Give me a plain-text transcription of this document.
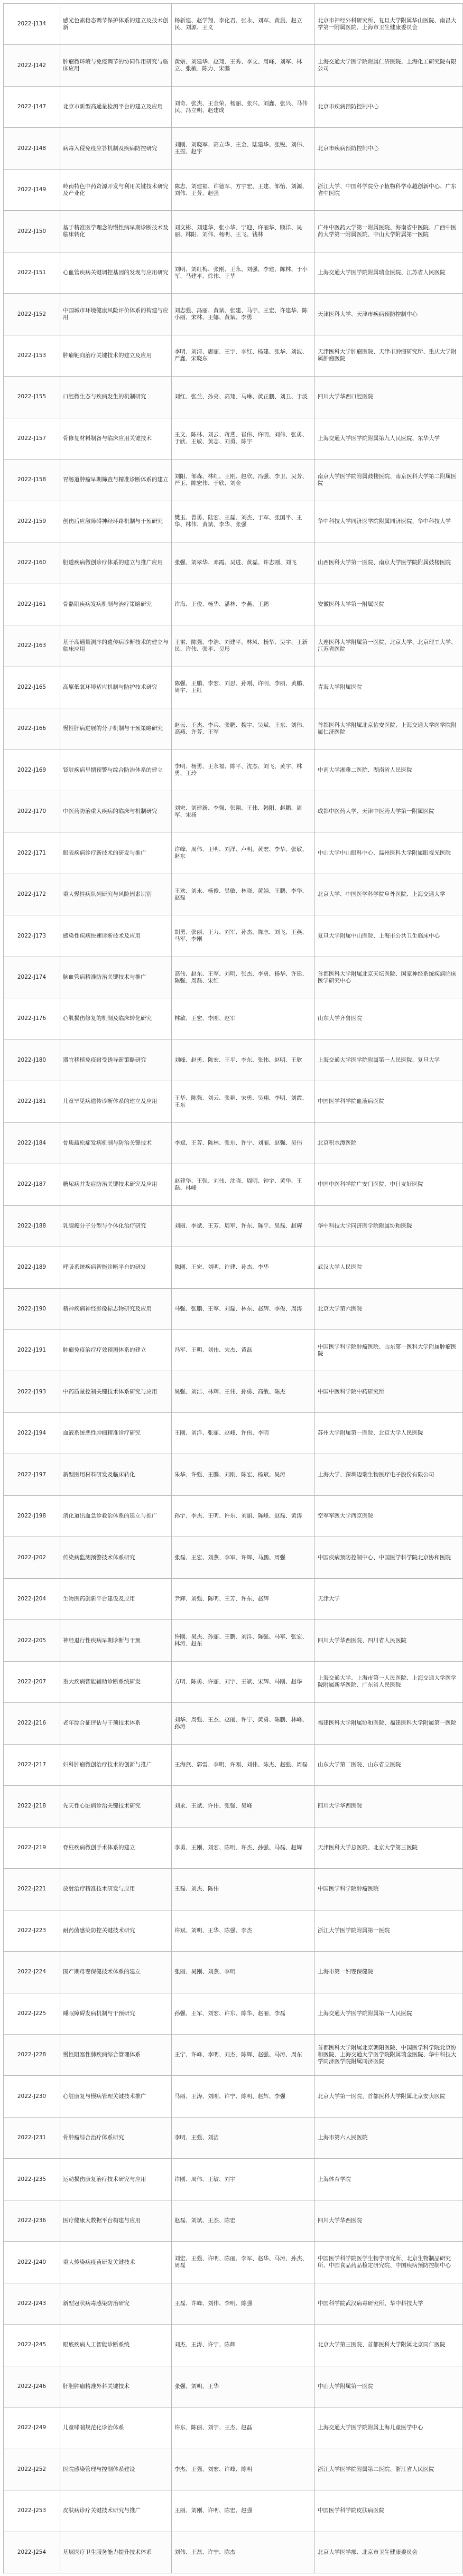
2022-J134	感光色素稳态调节保护体系的建立及技术创新	杨新建、赵学翔、李化君、张永、刘军、黄晨、赵立民、刘源、王义	北京市神经外科研究所、复旦大学附属华山医院、南昌大学第一附属医院、上海市卫生健康委员会
2022-J142	肿瘤微环境与免疫调节的协同作用研究与临床应用	黄宗、刘建华、赵翔、王秀、李文、周峰、刘军、林立、张敏、陈力、宋鹏	上海交通大学医学院附属仁济医院、上海化工研究院有限公司
2022-J147	北京市新型高通量检测平台的建立及应用	刘奇、张杰、王金荣、杨丽、张兴、刘鑫、张兴、马伟民、冯立明、赵建成	北京市疾病预防控制中心
2022-J148	病毒入侵免疫应答机制及疾病防控研究	刘刚、刘晓军、高立华、王金、陆建华、张锐、刘伟、王振、赵宇	北京市疾病预防控制中心
2022-J149	岭南特色中药资源开发与利用关键技术研究及产业化	陈志、刘建福、许德军、方宇宏、王建、邹怡、刘源、刘伟、王芳、赵强	浙江大学、中国科学院分子植物科学卓越创新中心、广东省中医院
2022-J150	基于精准医学理念的慢性病早期诊断技术及临床转化	刘文彬、刘建华、张小华、宁迎、许丽华、顾洋、吴丽、林阳、刘伟、杨明、王飞、钱林	广州中医药大学第一附属医院、海南省中医院、广西中医药大学第一附属医院、中山大学附属第一医院
2022-J151	心血管疾病关键调控基因的发现与应用研究	刘明、刘红梅、张刚、王永、刘强、李建、陈林、于小军、马建平、徐伟、王华	上海交通大学医学院附属瑞金医院、江苏省人民医院
2022-J152	中国城市环境健康风险评价体系的构建与应用	刘志强、冯丽、黄斌、张建、马宇、王宏、许建华、陈小丽、宋林、王娜、黄斌、李勇	天津医科大学、天津市疾病预防控制中心
2022-J153	肿瘤靶向治疗关键技术的建立及应用	李明、刘清、唐丽、王宇、李红、杨建、张华、刘波、严鑫、宋晓东	天津医科大学肿瘤医院、天津市肿瘤研究所、重庆大学附属肿瘤医院
2022-J155	口腔微生态与疾病发生的机制研究	刘红、张兰、孙亮、高翔、马琳、黄正鹏、刘卫、于波	四川大学华西口腔医院
2022-J157	骨修复材料制备与临床应用关键技术	王文、陈林、刘云、蒋燕、崔伟、许明、刘伟、张勇、于欣、王敏、黄志、刘勇、陈宇	上海交通大学医学院附属第九人民医院、东华大学
2022-J158	胃肠道肿瘤早期筛查与精准诊断体系的建立	刘阳、邹森、林红、王刚、赵欣、冯强、李卫、吴芳、严玉、陈宏伟、于欣、刘金	南京大学医学院附属鼓楼医院、南京医科大学第二附属医院
2022-J159	创伤后应激障碍神经环路机制与干预研究	樊玉、曾勇、陆宏、王磊、刘杰、于军、张国平、王华、林伟、黄斌、李华、张强	华中科技大学同济医学院附属同济医院、华中科技大学
2022-J160	胆道疾病微创诊疗体系的建立与推广应用	张强、刘翠华、邓霞、吴进、黄磊、许志刚、刘飞	山西医科大学第一医院、南京大学医学院附属鼓楼医院
2022-J161	骨骼肌疾病发病机制与治疗策略研究	许海、王俊、杨华、潘林、李燕、王鹏	安徽医科大学第一附属医院
2022-J163	基于高通量测序的遗传病诊断技术的建立与临床应用	王雷、陈强、李浩、刘建平、林风、杨华、吴宇、王新民、许伟、张平、吴彤	大连医科大学附属第一医院、北京大学、北京理工大学、江苏省医院
2022-J165	高原低氧环境适应机制与防护技术研究	陈强、王鹏、李宏、刘思、孙刚、许明、李丽、黄鹏、周宇、王红	青海大学附属医院
2022-J166	慢性肝病进展的分子机制与干预策略研究	赵云、王杰、李兵、张鹏、魏宇、吴斌、王东、刘伟、高燕、许芳、王军	首都医科大学附属北京佑安医院、上海交通大学医学院附属仁济医院
2022-J169	肾脏疾病早期预警与综合防治体系的建立	李明、杨勇、王永福、陈平、沈杰、刘飞、黄宇、林勇、王玲	中南大学湘雅二医院、湖南省人民医院
2022-J170	中医药防治重大疾病的临床与机制研究	刘宏、刘建新、李强、张翔、王伟、韩阳、赵鹏、周军、宋扬	成都中医药大学、天津中医药大学第一附属医院
2022-J171	眼表疾病诊疗新技术的研发与推广	许峰、周伟、王明、刘洋、卢明、黄宏、李华、张敏、赵东	中山大学中山眼科中心、温州医科大学附属眼视光医院
2022-J172	重大慢性病队列研究与风险因素识别	王欢、刘永、杨俊、吴敏、林晓、黄娟、王鹏、李华、赵磊	北京大学、中国医学科学院阜外医院、上海交通大学
2022-J173	感染性疾病快速诊断技术及应用	胡勇、张丽、王力、刘军、孙杰、陈志、刘飞、王燕、马军、李刚	复旦大学附属中山医院、上海市公共卫生临床中心
2022-J174	脑血管病精准防治关键技术与推广	高伟、赵东、王军、刘明、张杰、李勇、杨华、许建、陈强、周磊、宋红	首都医科大学附属北京天坛医院、国家神经系统疾病临床医学研究中心
2022-J176	心肌损伤修复的机制及临床转化研究	林敏、王宏、李刚、赵军	山东大学齐鲁医院
2022-J180	器官移植免疫耐受诱导新策略研究	刘峰、赵勇、陈宏、王平、李东、张伟、赵明、王欣	上海交通大学医学院附属第一人民医院、复旦大学
2022-J181	儿童罕见病遗传诊断体系的建立及应用	王华、陈强、刘云、张艳、宋勇、吴翔、李明、刘霞、王东	中国医学科学院血液病医院
2022-J184	骨质疏松症发病机制与防治关键技术	李斌、王芳、陈林、张东、许宁、刘丽、赵强、吴伟	北京积水潭医院
2022-J187	糖尿病并发症防治关键技术研究及应用	赵建华、王强、刘伟、沈晓、周明、钟宇、黄华、王磊、林峰	中国中医科学院广安门医院、中日友好医院
2022-J188	乳腺癌分子分型与个体化治疗研究	刘丽、李斌、王芳、周军、许东、陈平、吴磊、赵辉	华中科技大学同济医学院附属协和医院
2022-J189	呼吸系统疾病智能诊断平台的研发	陈刚、王宏、刘明、许建、孙杰、李华	武汉大学人民医院
2022-J190	精神疾病神经影像标志物研究及应用	马强、张鹏、王军、刘磊、林东、赵辉、李俊、周涛	北京大学第六医院
2022-J191	肿瘤免疫治疗疗效预测体系的建立	冯军、王明、刘伟、宋杰、黄磊	中国医学科学院肿瘤医院、山东第一医科大学附属肿瘤医院
2022-J193	中药质量控制关键技术体系研究与应用	吴强、刘洁、林辉、王伟、孙勇、高敏、陈杰	中国中医科学院中药研究所
2022-J194	血液系统恶性肿瘤精准诊疗研究	王刚、刘洋、张丽、赵峰、许伟、李明	苏州大学附属第一医院、北京大学人民医院
2022-J197	新型医用材料研发及临床转化	朱华、许强、王鹏、刘刚、陈宏、杨斌、吴涛	上海大学、深圳迈瑞生物医疗电子股份有限公司
2022-J198	消化道出血急诊救治体系的建立与推广	孙宇、李杰、王明、许东、刘丽、陈峰、赵磊、黄涛	空军军医大学西京医院
2022-J202	传染病监测预警技术体系研究	张磊、王宏、刘燕、李军、许辉、马鹏、周强	中国疾病预防控制中心、中国医学科学院北京协和医院
2022-J204	生物医药创新平台建设及应用	尹辉、刘强、陈明、王芳、许东、赵辉	天津大学
2022-J205	神经退行性疾病早期诊断与干预	许刚、吴杰、孙丽、王鹏、刘洋、陈强、马军、张宏、林涛、赵东	四川大学华西医院、四川省人民医院
2022-J207	重大疾病智能辅助诊断系统研发	方明、陈勇、许丽、刘宇、王斌、宋辉、马刚、赵华	上海交通大学、上海市第一人民医院、上海交通大学医学院附属新华医院、广东省人民医院
2022-J216	老年综合征评估与干预技术体系	刘华、周强、王杰、赵丽、许宁、黄勇、陈鹏、林峰、孙涛	福建医科大学附属协和医院、福建医科大学附属第一医院
2022-J217	妇科肿瘤微创治疗技术的创新与推广	王海燕、郭雷、李明、许刚、刘伟、陈杰、赵强、周磊	山东大学第二医院、山东省立医院
2022-J218	先天性心脏病诊治关键技术研究	刘永、王斌、许伟、张强、吴峰	四川大学华西医院
2022-J219	脊柱疾病微创手术体系的建立	李勇、王刚、刘宏、陈明、许杰、孙强、马磊、赵辉	天津医科大学总医院、北京大学第三医院
2022-J221	放射治疗精准技术研发与应用	王磊、刘杰、陈伟	中国医学科学院肿瘤医院
2022-J223	耐药菌感染防控关键技术研究	许斌、刘明、王华、陈强、李杰	浙江大学医学院附属第一医院
2022-J224	围产期母婴保健技术体系的建立	张丽、吴刚、刘燕、李明	上海市第一妇婴保健院
2022-J225	睡眠障碍发病机制与干预研究	孙强、王军、刘宏、许东、陈华、赵丽、李磊	上海交通大学医学院附属第一人民医院
2022-J228	慢性阻塞性肺疾病综合管理体系	王宁、许峰、李明、刘杰、陈辉、赵强、马涛、周东	首都医科大学附属北京朝阳医院、中国医学科学院北京协和医院、上海交通大学医学院附属瑞金医院、华中科技大学同济医学院附属同济医院
2022-J230	心脏康复与慢病管理关键技术推广	马丽、王涛、刘刚、许宁、陈明、赵辉、李强	北京大学第一医院、首都医科大学附属北京安贞医院
2022-J231	骨肿瘤综合治疗体系研究	李明、王强、刘洁	上海市第六人民医院
2022-J235	运动损伤康复治疗技术研究与应用	许刚、周伟、王敏、刘宇	上海体育学院
2022-J236	医疗健康大数据平台构建与应用	赵磊、刘斌、王杰、陈宏	四川大学华西医院
2022-J240	重大传染病疫苗研发关键技术	刘宏、王强、许明、陈丽、李军、赵华、马涛、孙杰、周磊	中国医学科学院医学生物学研究所、北京生物制品研究所、中国食品药品检定研究院、中国疾病预防控制中心
2022-J243	新型冠状病毒感染防治研究	王磊、许峰、刘伟、李明、陈强	中国科学院武汉病毒研究所、华中科技大学
2022-J245	眼底疾病人工智能诊断系统	刘杰、王涛、许宁、陈辉	北京大学第三医院、首都医科大学附属北京同仁医院
2022-J246	肝胆肿瘤精准外科关键技术	张强、刘明、王华	中山大学附属第一医院
2022-J249	儿童哮喘规范化诊治体系	许东、陈丽、刘宇、王杰、赵磊	上海交通大学医学院附属上海儿童医学中心
2022-J252	医院感染管理与控制体系建设	李杰、王强、刘宏、许峰、陈明	浙江大学医学院附属第二医院、浙江省人民医院
2022-J253	皮肤病诊疗关键技术研究与推广	王丽、刘刚、许明、陈宏、赵强	中国医学科学院皮肤病医院
2022-J254	基层医疗卫生服务能力提升技术体系	刘伟、王磊、许宁、陈杰	北京大学医学部、北京市卫生健康委员会
